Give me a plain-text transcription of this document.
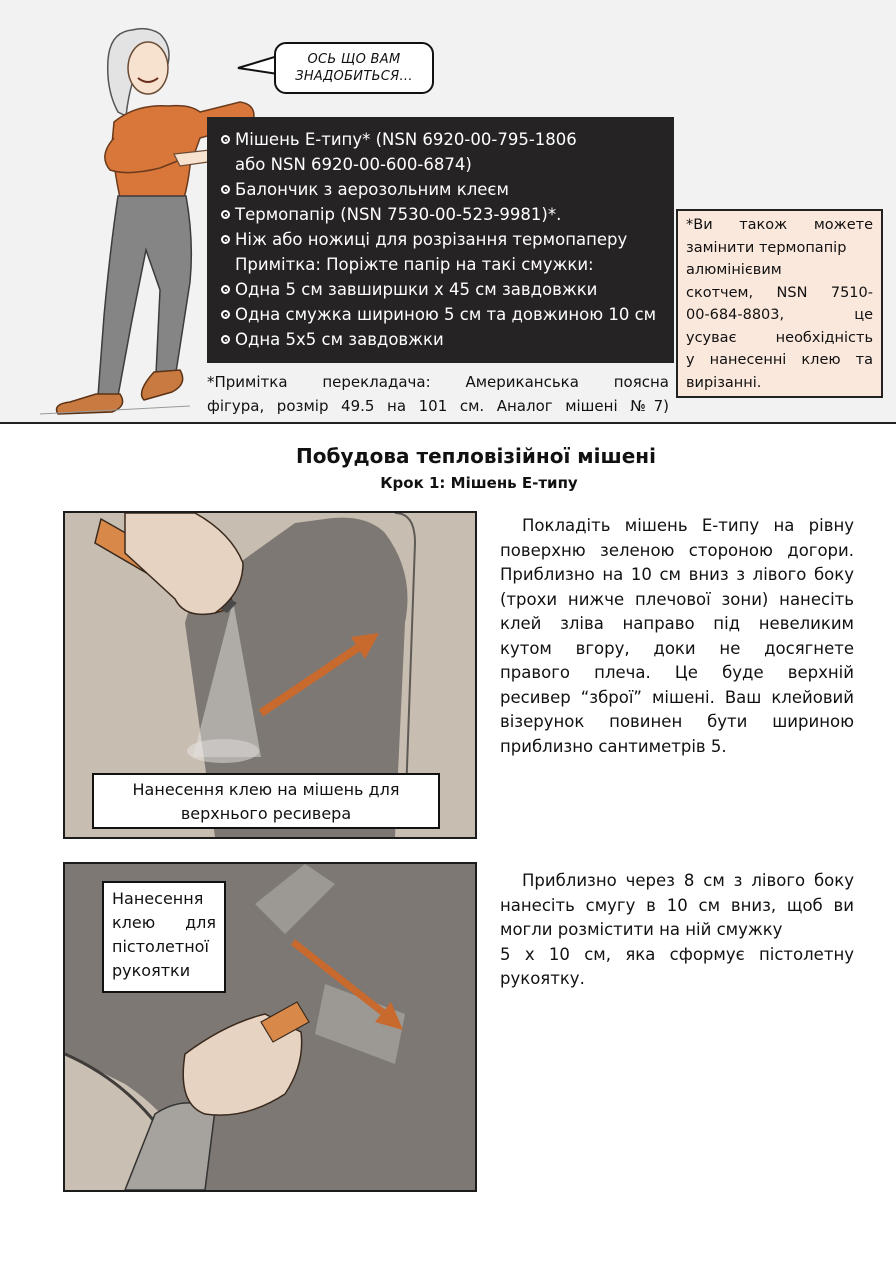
ОСЬ ЩО ВАМ
ЗНАДОБИТЬСЯ...
Мішень Е-типу* (NSN 6920-00-795-1806
або NSN 6920-00-600-6874)
Балончик з аерозольним клеєм
Термопапір (NSN 7530-00-523-9981)*.
Ніж або ножиці для розрізання термопаперу
Примітка: Поріжте папір на такі смужки:
Одна 5 см завширшки х 45 см завдовжки
Одна смужка шириною 5 см та довжиною 10 см
Одна 5х5 см завдовжки
*Примітка перекладача: Американська поясна
фігура, розмір 49.5 на 101 см. Аналог мішені №7)
*Ви також можете
замінити термопапір
алюмінієвим
скотчем, NSN 7510-
00-684-8803, це
усуває необхідність
у нанесенні клею та
вирізанні.
Побудова тепловізійної мішені
Крок 1: Мішень Е-типу
Нанесення клею на мішень для
верхнього ресивера
Нанесення
клею для
пістолетної
рукоятки
Покладіть мішень Е-типу на рівну
поверхню зеленою стороною догори.
Приблизно на 10 см вниз з лівого боку
(трохи нижче плечової зони) нанесіть
клей зліва направо під невеликим
кутом вгору, доки не досягнете
правого плеча. Це буде верхній
ресивер “зброї” мішені. Ваш клейовий
візерунок повинен бути шириною
приблизно сантиметрів 5.
Приблизно через 8 см з лівого боку
нанесіть смугу в 10 см вниз, щоб ви
могли розмістити на ній смужку
5 х 10 см, яка сформує пістолетну
рукоятку.
